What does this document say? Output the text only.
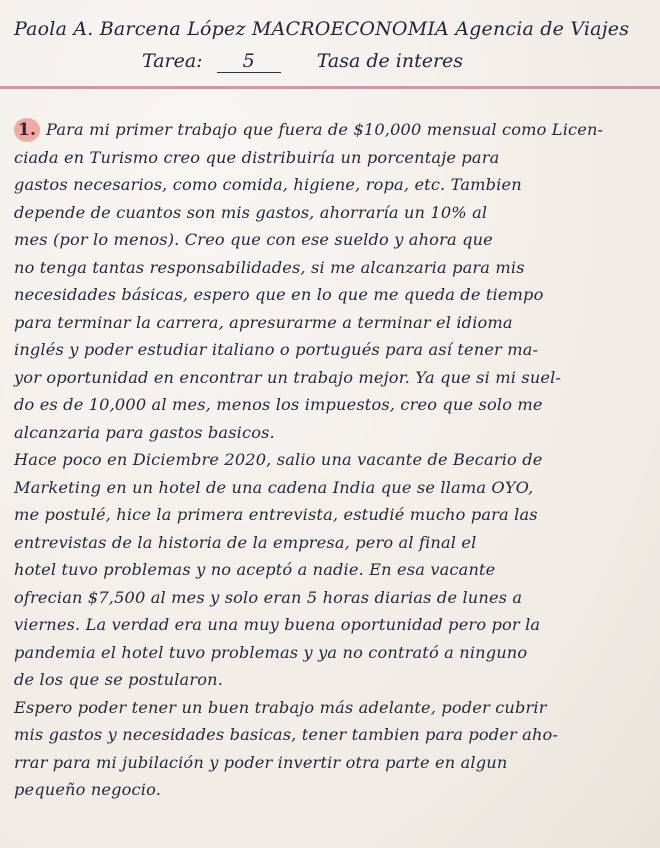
Paola A. Barcena López MACROECONOMIA Agencia de Viajes
Tarea: 5	Tasa de interes
1. Para mi primer trabajo que fuera de $10,000 mensual como Licen-
ciada en Turismo creo que distribuiría un porcentaje para
gastos necesarios, como comida, higiene, ropa, etc. Tambien
depende de cuantos son mis gastos, ahorraría un 10% al
mes (por lo menos). Creo que con ese sueldo y ahora que
no tenga tantas responsabilidades, si me alcanzaria para mis
necesidades básicas, espero que en lo que me queda de tiempo
para terminar la carrera, apresurarme a terminar el idioma
inglés y poder estudiar italiano o portugués para así tener ma-
yor oportunidad en encontrar un trabajo mejor. Ya que si mi suel-
do es de 10,000 al mes, menos los impuestos, creo que solo me
alcanzaria para gastos basicos.
Hace poco en Diciembre 2020, salio una vacante de Becario de
Marketing en un hotel de una cadena India que se llama OYO,
me postulé, hice la primera entrevista, estudié mucho para las
entrevistas de la historia de la empresa, pero al final el
hotel tuvo problemas y no aceptó a nadie. En esa vacante
ofrecian $7,500 al mes y solo eran 5 horas diarias de lunes a
viernes. La verdad era una muy buena oportunidad pero por la
pandemia el hotel tuvo problemas y ya no contrató a ninguno
de los que se postularon.
Espero poder tener un buen trabajo más adelante, poder cubrir
mis gastos y necesidades basicas, tener tambien para poder aho-
rrar para mi jubilación y poder invertir otra parte en algun
pequeño negocio.
